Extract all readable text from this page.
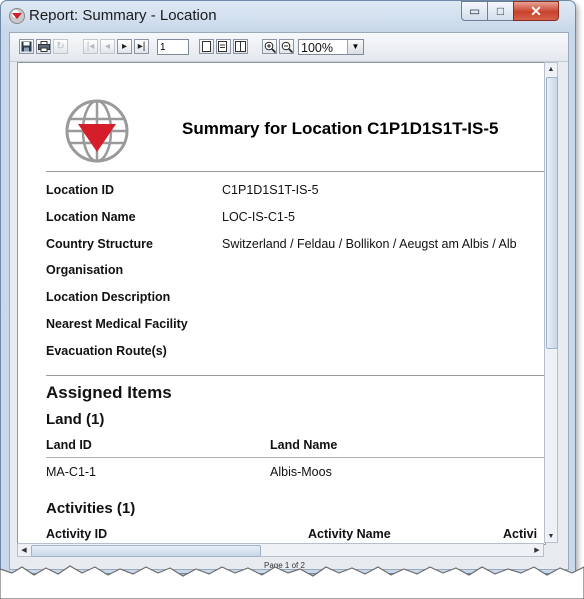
Report: Summary - Location	▭ □ ✕
↻	|◂	◂	▸	▸|	1	100%	▼
Summary for Location C1P1D1S1T-IS-5
Location ID	C1P1D1S1T-IS-5
Location Name	LOC-IS-C1-5
Country Structure	Switzerland / Feldau / Bollikon / Aeugst am Albis / Alb
Organisation
Location Description
Nearest Medical Facility
Evacuation Route(s)
Assigned Items
Land (1)
Land ID	Land Name
MA-C1-1	Albis-Moos
Activities (1)
Activity ID	Activity Name	Activi
▲
▼
◀	▶
Page 1 of 2
